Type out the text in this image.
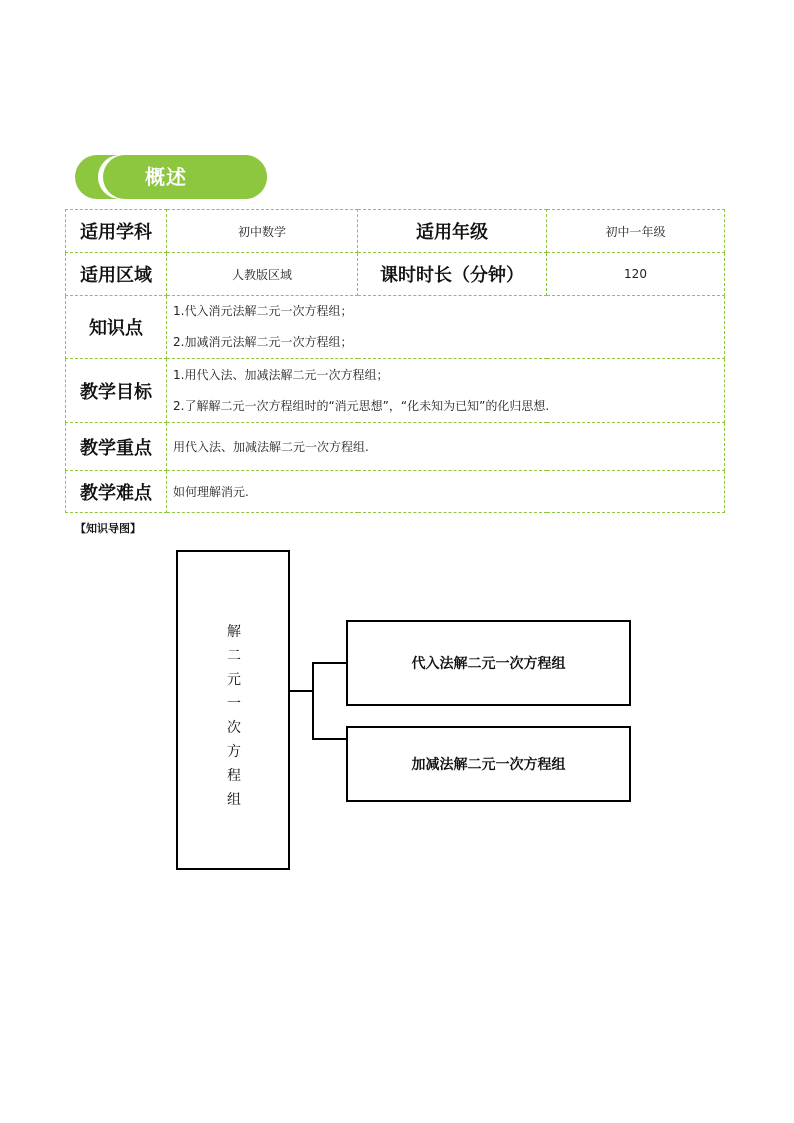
概述
适用学科	初中数学	适用年级	初中一年级
适用区域	人教版区域	课时时长（分钟）	120
知识点	1.代入消元法解二元一次方程组；
2.加减消元法解二元一次方程组；		

教学目标	1.用代入法、加减法解二元一次方程组；
2.了解解二元一次方程组时的“消元思想”，“化未知为已知”的化归思想.		

教学重点	用代入法、加减法解二元一次方程组.		
教学难点	如何理解消元.		
【知识导图】
解
二
元
一
次
方
程
组
代入法解二元一次方程组
加减法解二元一次方程组
